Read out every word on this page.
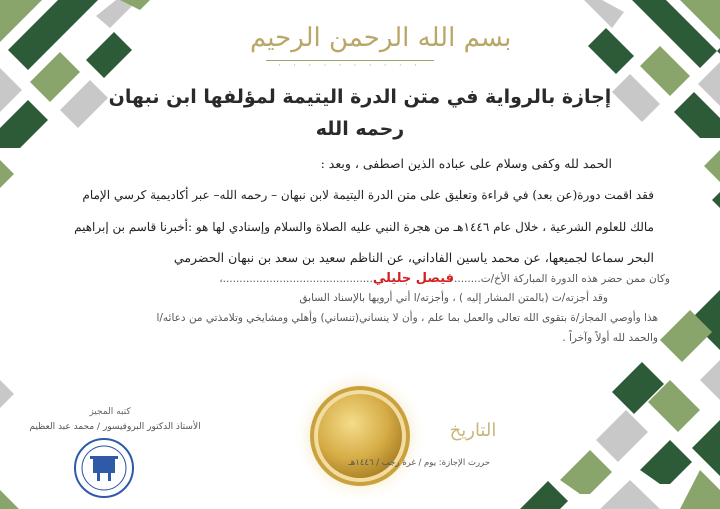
بسم الله الرحمن الرحيم
· · · · · · · · · ·
إجازة بالرواية في متن الدرة اليتيمة لمؤلفها ابن نبهان
رحمه الله
الحمد لله وكفى وسلام على عباده الذين اصطفى ، وبعد :
فقد اقمت دورة(عن بعد) في قراءة وتعليق على متن الدرة اليتيمة لابن نبهان – رحمه الله– عبر أكاديمية كرسي الإمام
مالك للعلوم الشرعية ، خلال عام ١٤٤٦هـ من هجرة النبي عليه الصلاة والسلام وإسنادي لها هو :أخبرنا قاسم بن إبراهيم
البحر سماعا لجميعها، عن محمد ياسين الفاداني، عن الناظم سعيد بن سعد بن نبهان الحضرمي
وكان ممن حضر هذه الدورة المباركة الأخ/ت........فيصل جليلي.............................................،
وقد أجزته/ت (بالمتن المشار إليه ) ، وأجزته/ا أني أرويها بالإسناد السابق
هذا وأوصي المجاز/ة بتقوى الله تعالى والعمل بما علم ، وأن لا ينساني(تنساني) وأهلي ومشايخي وتلامذتي من دعائه/ا
والحمد لله أولاً وآخراً .
كتبه المجيز
الأستاذ الدكتور البروفيسور / محمد عبد العظيم	التاريخ
حررت الإجازة: يوم / غرة رجب / ١٤٤٦هـ
